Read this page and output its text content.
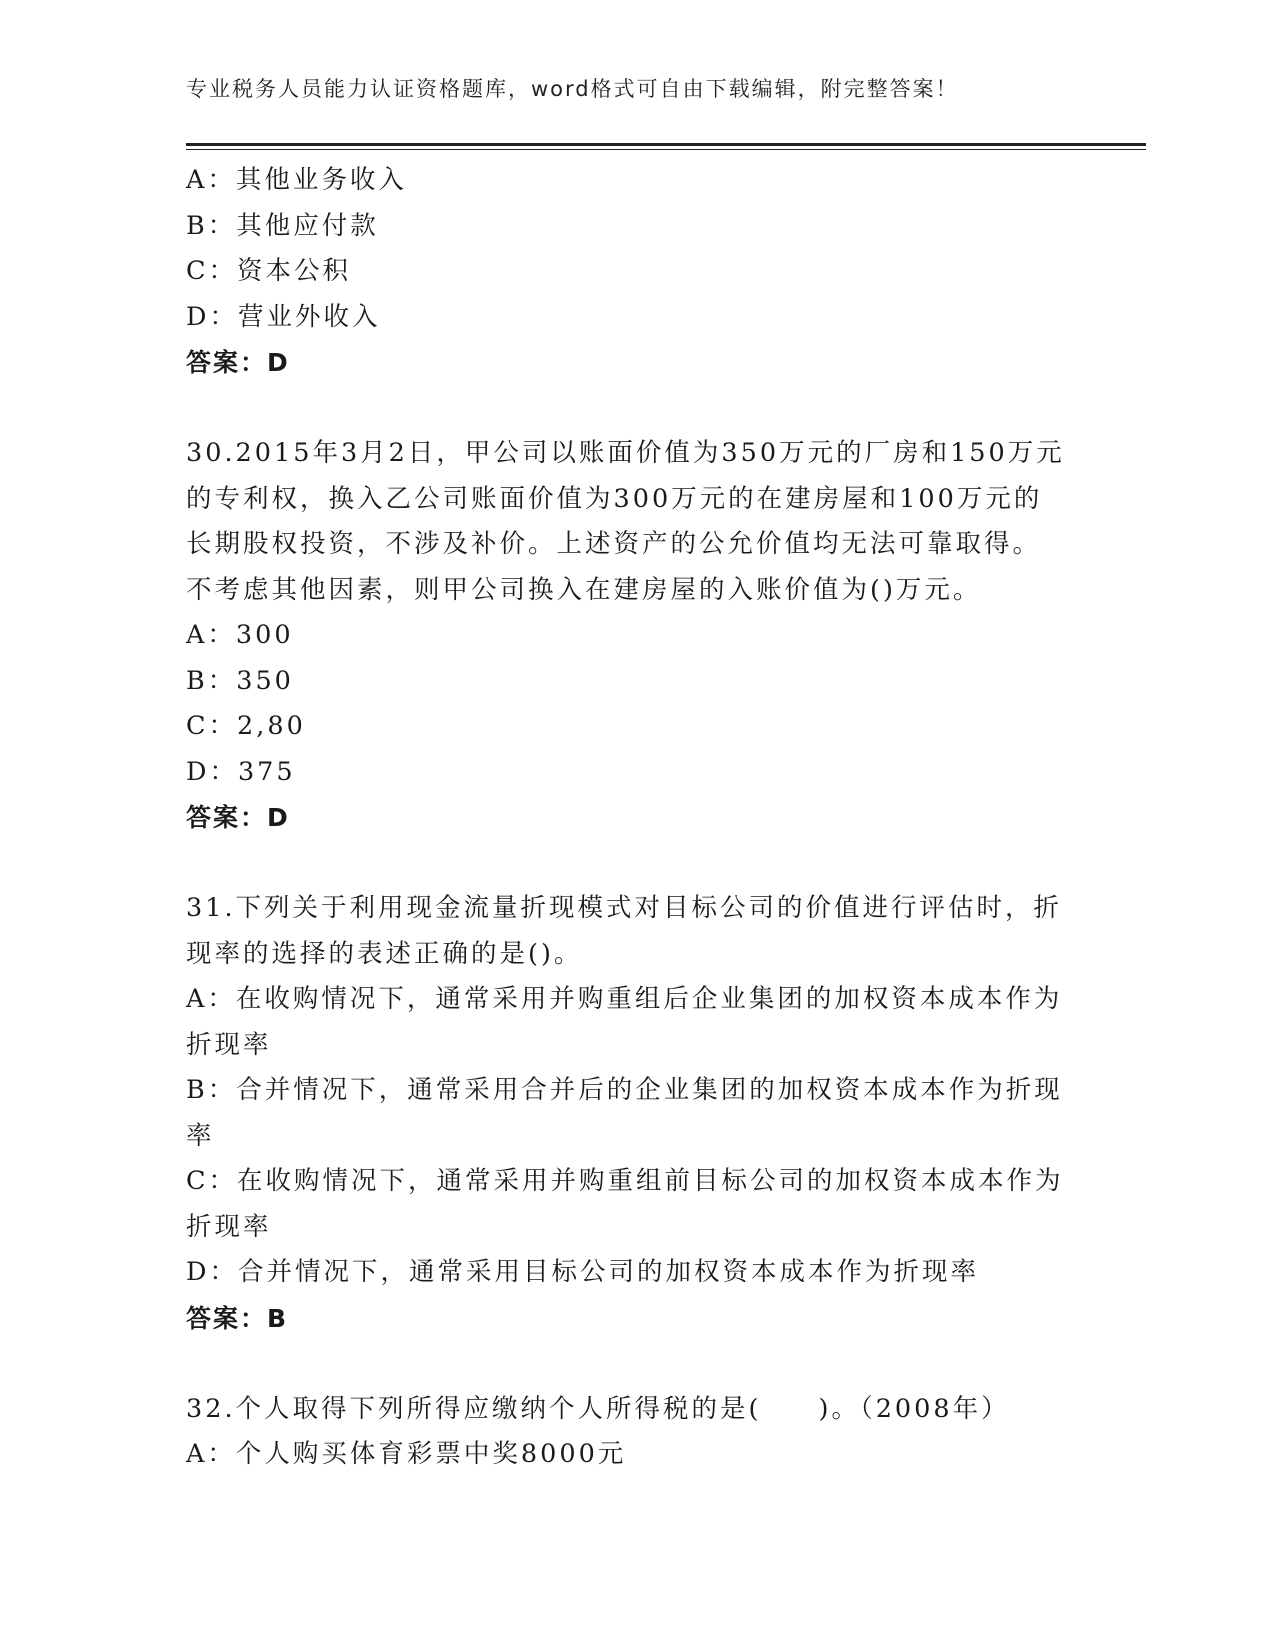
专业税务人员能力认证资格题库，word格式可自由下载编辑，附完整答案！

A：其他业务收入

B：其他应付款

C：资本公积

D：营业外收入

答案：D

30.2015年3月2日，甲公司以账面价值为350万元的厂房和150万元

的专利权，换入乙公司账面价值为300万元的在建房屋和100万元的

长期股权投资，不涉及补价。上述资产的公允价值均无法可靠取得。

不考虑其他因素，则甲公司换入在建房屋的入账价值为()万元。

A：300

B：350

C：2,80

D：375

答案：D

31.下列关于利用现金流量折现模式对目标公司的价值进行评估时，折

现率的选择的表述正确的是()。

A：在收购情况下，通常采用并购重组后企业集团的加权资本成本作为

折现率

B：合并情况下，通常采用合并后的企业集团的加权资本成本作为折现

率

C：在收购情况下，通常采用并购重组前目标公司的加权资本成本作为

折现率

D：合并情况下，通常采用目标公司的加权资本成本作为折现率

答案：B

32.个人取得下列所得应缴纳个人所得税的是(　　)。（2008年）

A：个人购买体育彩票中奖8000元
